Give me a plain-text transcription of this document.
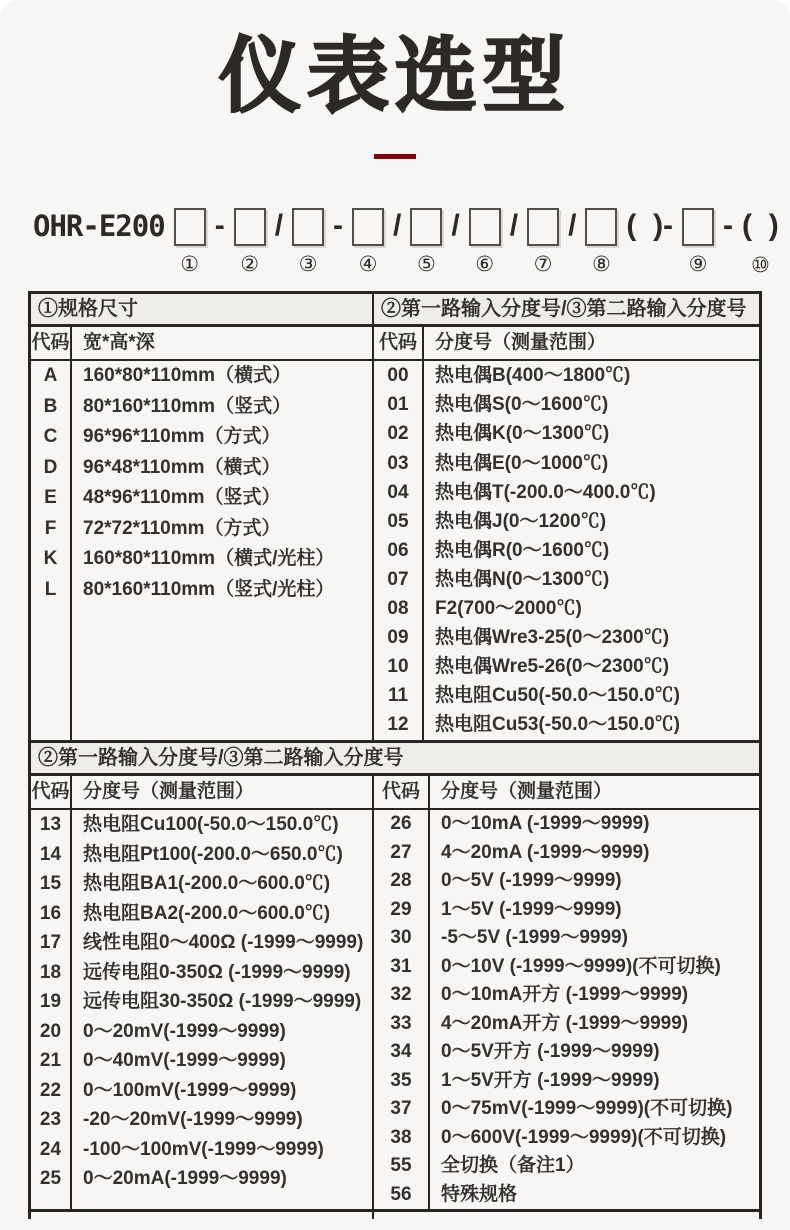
仪表选型
OHR-E200
①
-
②
/
③
-
④
/
⑤
/
⑥
/
⑦
/
⑧
(  )-
⑨
- (  )
⑩
①规格尺寸
代码 宽*高*深
A	160*80*110mm（横式）
B	80*160*110mm（竖式）
C	96*96*110mm（方式）
D	96*48*110mm（横式）
E	48*96*110mm（竖式）
F	72*72*110mm（方式）
K	160*80*110mm（横式/光柱）
L	80*160*110mm（竖式/光柱）
②第一路输入分度号/③第二路输入分度号
代码 分度号（测量范围）
00	热电偶B(400～1800℃)
01	热电偶S(0～1600℃)
02	热电偶K(0～1300℃)
03	热电偶E(0～1000℃)
04	热电偶T(-200.0～400.0℃)
05	热电偶J(0～1200℃)
06	热电偶R(0～1600℃)
07	热电偶N(0～1300℃)
08	F2(700～2000℃)
09	热电偶Wre3-25(0～2300℃)
10	热电偶Wre5-26(0～2300℃)
11	热电阻Cu50(-50.0～150.0℃)
12	热电阻Cu53(-50.0～150.0℃)
②第一路输入分度号/③第二路输入分度号
代码 分度号（测量范围）
13	热电阻Cu100(-50.0～150.0℃)
14	热电阻Pt100(-200.0～650.0℃)
15	热电阻BA1(-200.0～600.0℃)
16	热电阻BA2(-200.0～600.0℃)
17	线性电阻0～400Ω (-1999～9999)
18	远传电阻0-350Ω (-1999～9999)
19	远传电阻30-350Ω (-1999～9999)
20	0～20mV(-1999～9999)
21	0～40mV(-1999～9999)
22	0～100mV(-1999～9999)
23	-20～20mV(-1999～9999)
24	-100～100mV(-1999～9999)
25	0～20mA(-1999～9999)
代码	分度号（测量范围）
26	0～10mA (-1999～9999)
27	4～20mA (-1999～9999)
28	0～5V (-1999～9999)
29	1～5V (-1999～9999)
30	-5～5V (-1999～9999)
31	0～10V (-1999～9999)(不可切换)
32	0～10mA开方 (-1999～9999)
33	4～20mA开方 (-1999～9999)
34	0～5V开方 (-1999～9999)
35	1～5V开方 (-1999～9999)
37	0～75mV(-1999～9999)(不可切换)
38	0～600V(-1999～9999)(不可切换)
55	全切换（备注1）
56	特殊规格
